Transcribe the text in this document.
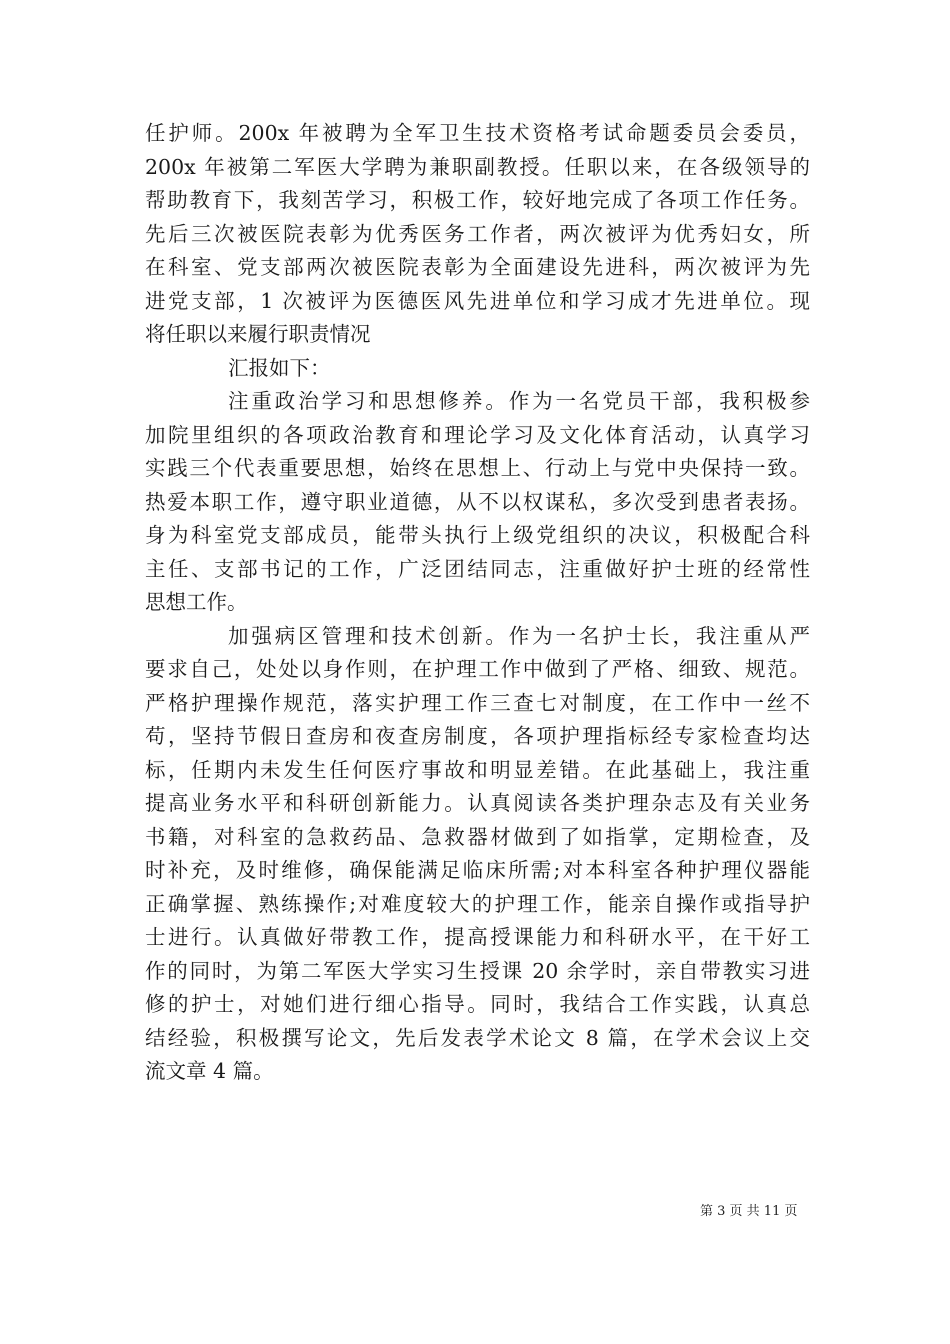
任护师。200x 年被聘为全军卫生技术资格考试命题委员会委员，
200x 年被第二军医大学聘为兼职副教授。任职以来，在各级领导的
帮助教育下，我刻苦学习，积极工作，较好地完成了各项工作任务。
先后三次被医院表彰为优秀医务工作者，两次被评为优秀妇女，所
在科室、党支部两次被医院表彰为全面建设先进科，两次被评为先
进党支部，1 次被评为医德医风先进单位和学习成才先进单位。现
将任职以来履行职责情况
汇报如下：
注重政治学习和思想修养。作为一名党员干部，我积极参
加院里组织的各项政治教育和理论学习及文化体育活动，认真学习
实践三个代表重要思想，始终在思想上、行动上与党中央保持一致。
热爱本职工作，遵守职业道德，从不以权谋私，多次受到患者表扬。
身为科室党支部成员，能带头执行上级党组织的决议，积极配合科
主任、支部书记的工作，广泛团结同志，注重做好护士班的经常性
思想工作。
加强病区管理和技术创新。作为一名护士长，我注重从严
要求自己，处处以身作则，在护理工作中做到了严格、细致、规范。
严格护理操作规范，落实护理工作三查七对制度，在工作中一丝不
苟，坚持节假日查房和夜查房制度，各项护理指标经专家检查均达
标，任期内未发生任何医疗事故和明显差错。在此基础上，我注重
提高业务水平和科研创新能力。认真阅读各类护理杂志及有关业务
书籍，对科室的急救药品、急救器材做到了如指掌，定期检查，及
时补充，及时维修，确保能满足临床所需;对本科室各种护理仪器能
正确掌握、熟练操作;对难度较大的护理工作，能亲自操作或指导护
士进行。认真做好带教工作，提高授课能力和科研水平，在干好工
作的同时，为第二军医大学实习生授课 20 余学时，亲自带教实习进
修的护士，对她们进行细心指导。同时，我结合工作实践，认真总
结经验，积极撰写论文，先后发表学术论文 8 篇，在学术会议上交
流文章 4 篇。
第 3 页 共 11 页
